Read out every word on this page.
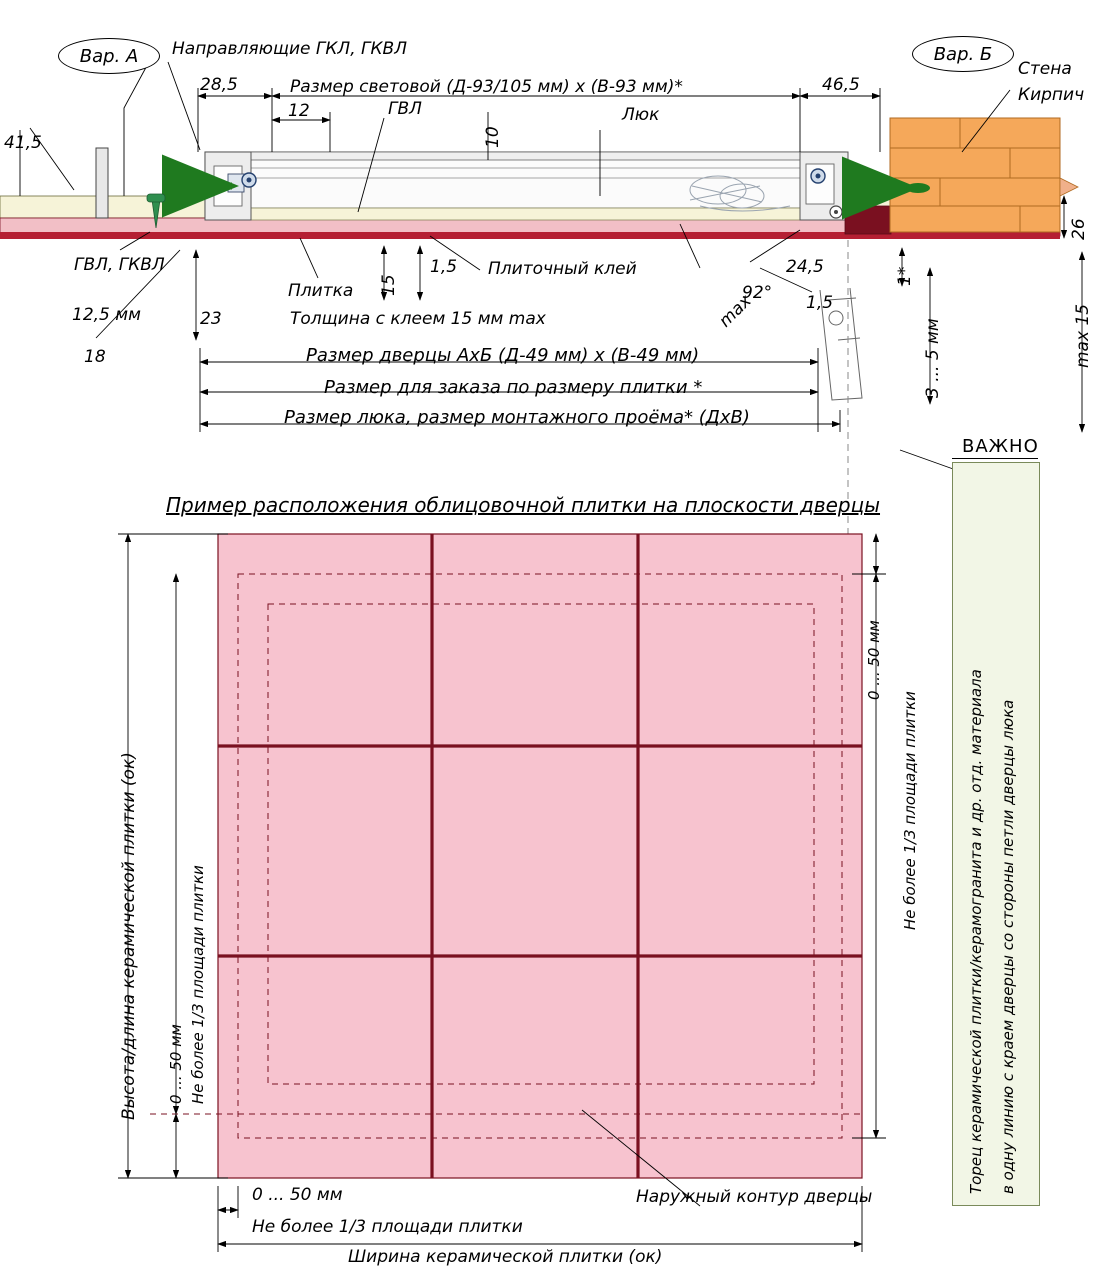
Вар. А	Вар. Б
Направляющие ГКЛ, ГКВЛ
Размер световой (Д-93/105 мм) х (В-93 мм)*
ГВЛ	Люк
Стена
Кирпич
28,5
12
10
46,5
41,5
26
max 15
3 ... 5 мм
1*
15
1,5	24,5
92°
max	1,5
23
18
12,5 мм
ГВЛ, ГКВЛ
Плитка
Плиточный клей
Толщина с клеем 15 мм max
Размер дверцы АхБ (Д-49 мм) х (В-49 мм)
Размер для заказа по размеру плитки *
Размер люка, размер монтажного проёма* (ДхВ)
Пример расположения облицовочной плитки на плоскости дверцы
Высота/длина керамической плитки (ок) 0 ... 50 мм Не более 1/3 площади плитки
0 ... 50 мм
Не более 1/3 площади плитки
0 ... 50 мм
Не более 1/3 площади плитки
Ширина керамической плитки (ок)
Наружный контур дверцы
ВАЖНО
Торец керамической плитки/керамогранита и др. отд. материала в одну линию с краем дверцы со стороны петли дверцы люка
